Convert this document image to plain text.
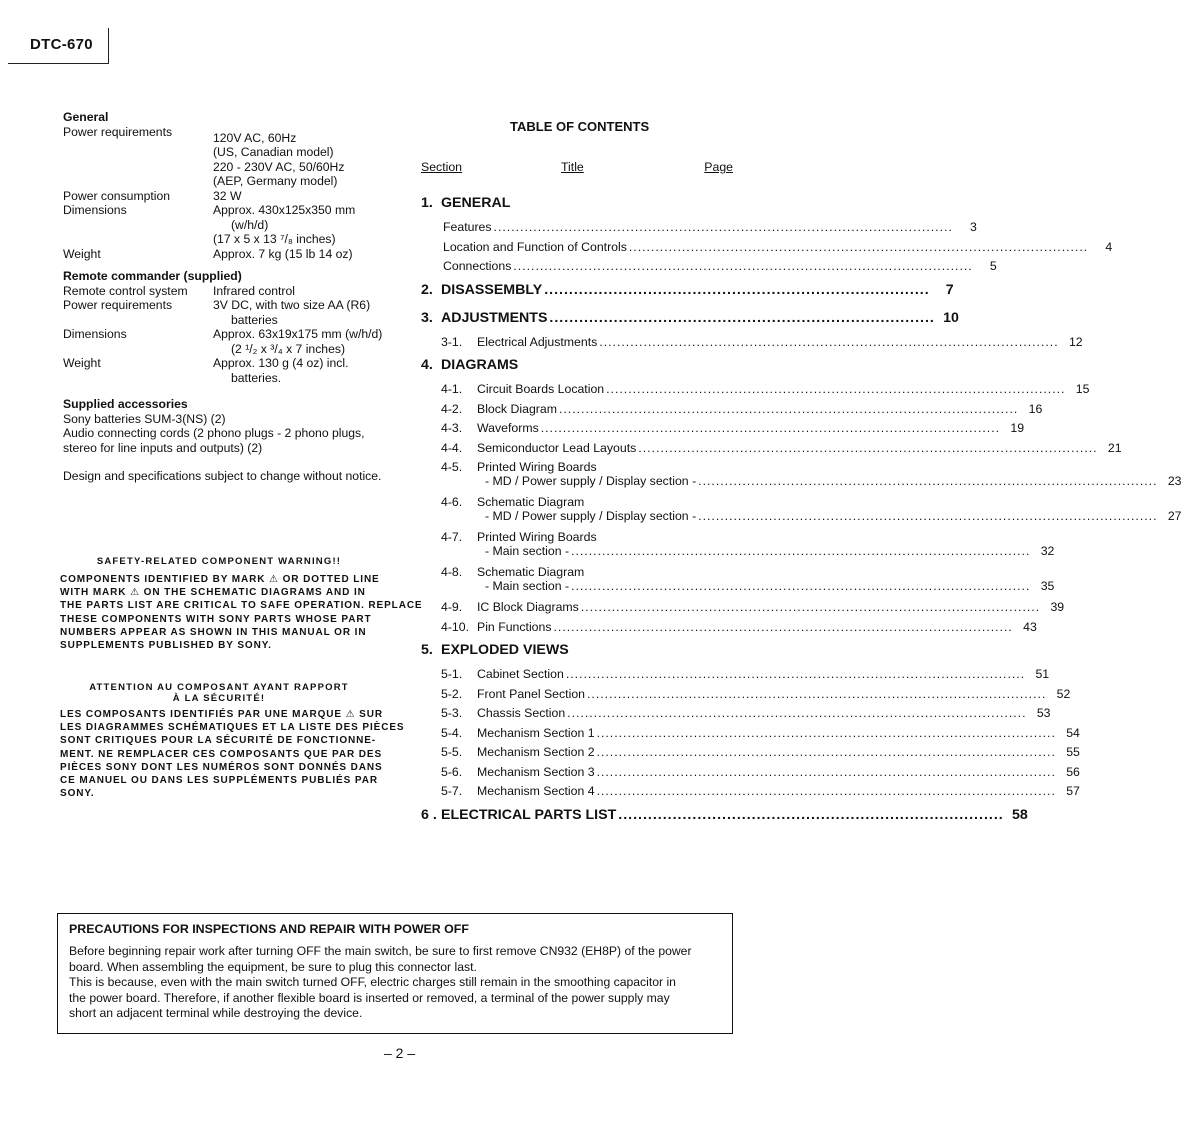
DTC-670
General
Power requirements	120V AC, 60Hz
(US, Canadian model)
220 - 230V AC, 50/60Hz
(AEP, Germany model)
Power consumption	32 W
Dimensions	Approx. 430x125x350 mm
(w/h/d)
(17 x 5 x 13 ⁷/₈ inches)
Weight	Approx. 7 kg (15 lb 14 oz)
Remote commander (supplied)
Remote control system	Infrared control
Power requirements	3V DC, with two size AA (R6)
batteries
Dimensions	Approx. 63x19x175 mm (w/h/d)
(2 ¹/₂ x ³/₄ x 7 inches)
Weight	Approx. 130 g (4 oz) incl.
batteries.
Supplied accessories
Sony batteries SUM-3(NS) (2)
Audio connecting cords (2 phono plugs - 2 phono plugs,
stereo for line inputs and outputs) (2)
Design and specifications subject to change without notice.
SAFETY-RELATED COMPONENT WARNING!!
COMPONENTS IDENTIFIED BY MARK ⚠ OR DOTTED LINE
WITH MARK ⚠ ON THE SCHEMATIC DIAGRAMS AND IN
THE PARTS LIST ARE CRITICAL TO SAFE OPERATION. REPLACE
THESE COMPONENTS WITH SONY PARTS WHOSE PART
NUMBERS APPEAR AS SHOWN IN THIS MANUAL OR IN
SUPPLEMENTS PUBLISHED BY SONY.
ATTENTION AU COMPOSANT AYANT RAPPORT
À LA SÉCURITÉ!
LES COMPOSANTS IDENTIFIÉS PAR UNE MARQUE ⚠ SUR
LES DIAGRAMMES SCHÉMATIQUES ET LA LISTE DES PIÈCES
SONT CRITIQUES POUR LA SÉCURITÉ DE FONCTIONNE-
MENT. NE REMPLACER CES COMPOSANTS QUE PAR DES
PIÈCES SONY DONT LES NUMÉROS SONT DONNÉS DANS
CE MANUEL OU DANS LES SUPPLÉMENTS PUBLIÉS PAR
SONY.
TABLE OF CONTENTS
Section	Title	Page
1. GENERAL
Features ........................................................................................................	3
Location and Function of Controls ........................................................................................................	4
Connections ........................................................................................................	5
2. DISASSEMBLY ..............................................................................	7
3. ADJUSTMENTS .............................................................................. 10
3-1.	Electrical Adjustments ........................................................................................................ 12
4. DIAGRAMS
4-1.	Circuit Boards Location ........................................................................................................ 15
4-2.	Block Diagram ........................................................................................................ 16
4-3.	Waveforms ........................................................................................................ 19
4-4.	Semiconductor Lead Layouts ........................................................................................................ 21
4-5.	Printed Wiring Boards
- MD / Power supply / Display section - ........................................................................................................ 23
4-6.	Schematic Diagram
- MD / Power supply / Display section - ........................................................................................................ 27
4-7.	Printed Wiring Boards
- Main section - ........................................................................................................ 32
4-8.	Schematic Diagram
- Main section - ........................................................................................................ 35
4-9.	IC Block Diagrams ........................................................................................................ 39
4-10. Pin Functions ........................................................................................................ 43
5. EXPLODED VIEWS
5-1.	Cabinet Section ........................................................................................................ 51
5-2.	Front Panel Section ........................................................................................................ 52
5-3.	Chassis Section ........................................................................................................ 53
5-4.	Mechanism Section 1 ........................................................................................................ 54
5-5.	Mechanism Section 2 ........................................................................................................ 55
5-6.	Mechanism Section 3 ........................................................................................................ 56
5-7.	Mechanism Section 4 ........................................................................................................ 57
6 . ELECTRICAL PARTS LIST .............................................................................. 58
PRECAUTIONS FOR INSPECTIONS AND REPAIR WITH POWER OFF
Before beginning repair work after turning OFF the main switch, be sure to first remove CN932 (EH8P) of the power
board. When assembling the equipment, be sure to plug this connector last.
This is because, even with the main switch turned OFF, electric charges still remain in the smoothing capacitor in
the power board. Therefore, if another flexible board is inserted or removed, a terminal of the power supply may
short an adjacent terminal while destroying the device.
– 2 –
